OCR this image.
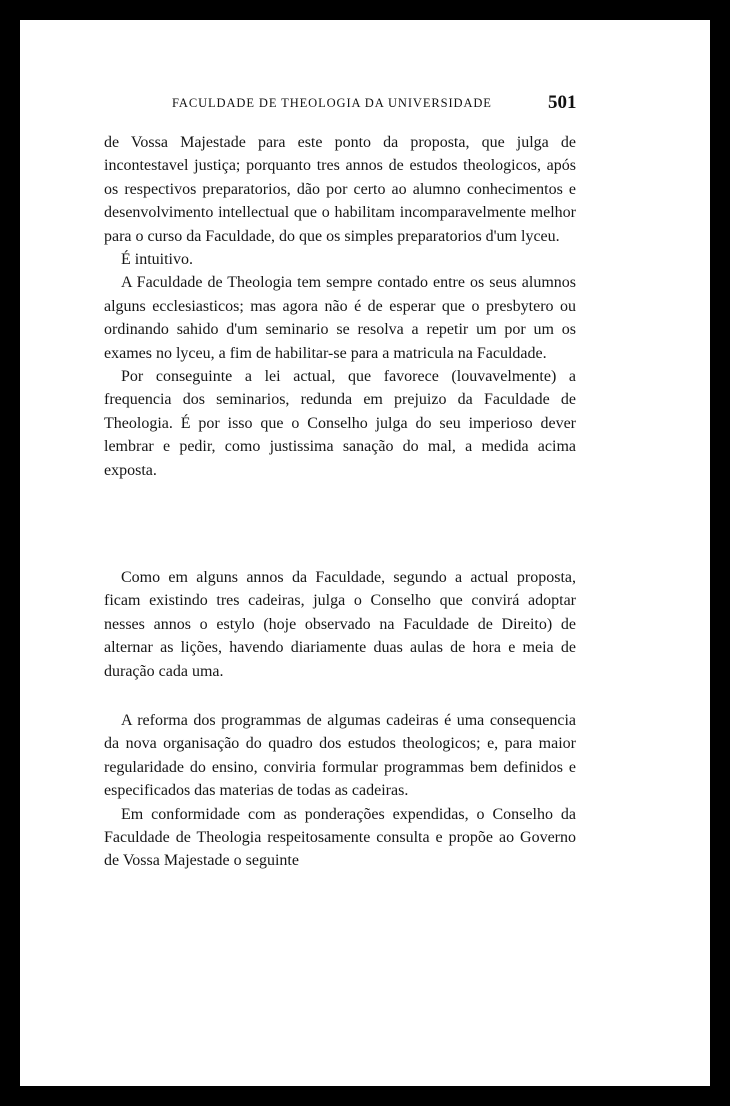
FACULDADE DE THEOLOGIA DA UNIVERSIDADE	501

de Vossa Majestade para este ponto da proposta, que julga de incontestavel justiça; porquanto tres annos de estudos theologicos, após os respectivos preparatorios, dão por certo ao alumno conhecimentos e desenvolvimento intellectual que o habilitam incomparavelmente melhor para o curso da Faculdade, do que os simples preparatorios d'um lyceu.

É intuitivo.

A Faculdade de Theologia tem sempre contado entre os seus alumnos alguns ecclesiasticos; mas agora não é de esperar que o presbytero ou ordinando sahido d'um seminario se resolva a repetir um por um os exames no lyceu, a fim de habilitar-se para a matricula na Faculdade.

Por conseguinte a lei actual, que favorece (louvavelmente) a frequencia dos seminarios, redunda em prejuizo da Faculdade de Theologia. É por isso que o Conselho julga do seu imperioso dever lembrar e pedir, como justissima sanação do mal, a medida acima exposta.

Como em alguns annos da Faculdade, segundo a actual proposta, ficam existindo tres cadeiras, julga o Conselho que convirá adoptar nesses annos o estylo (hoje observado na Faculdade de Direito) de alternar as lições, havendo diariamente duas aulas de hora e meia de duração cada uma.

A reforma dos programmas de algumas cadeiras é uma consequencia da nova organisação do quadro dos estudos theologicos; e, para maior regularidade do ensino, conviria formular programmas bem definidos e especificados das materias de todas as cadeiras.

Em conformidade com as ponderações expendidas, o Conselho da Faculdade de Theologia respeitosamente consulta e propõe ao Governo de Vossa Majestade o seguinte
